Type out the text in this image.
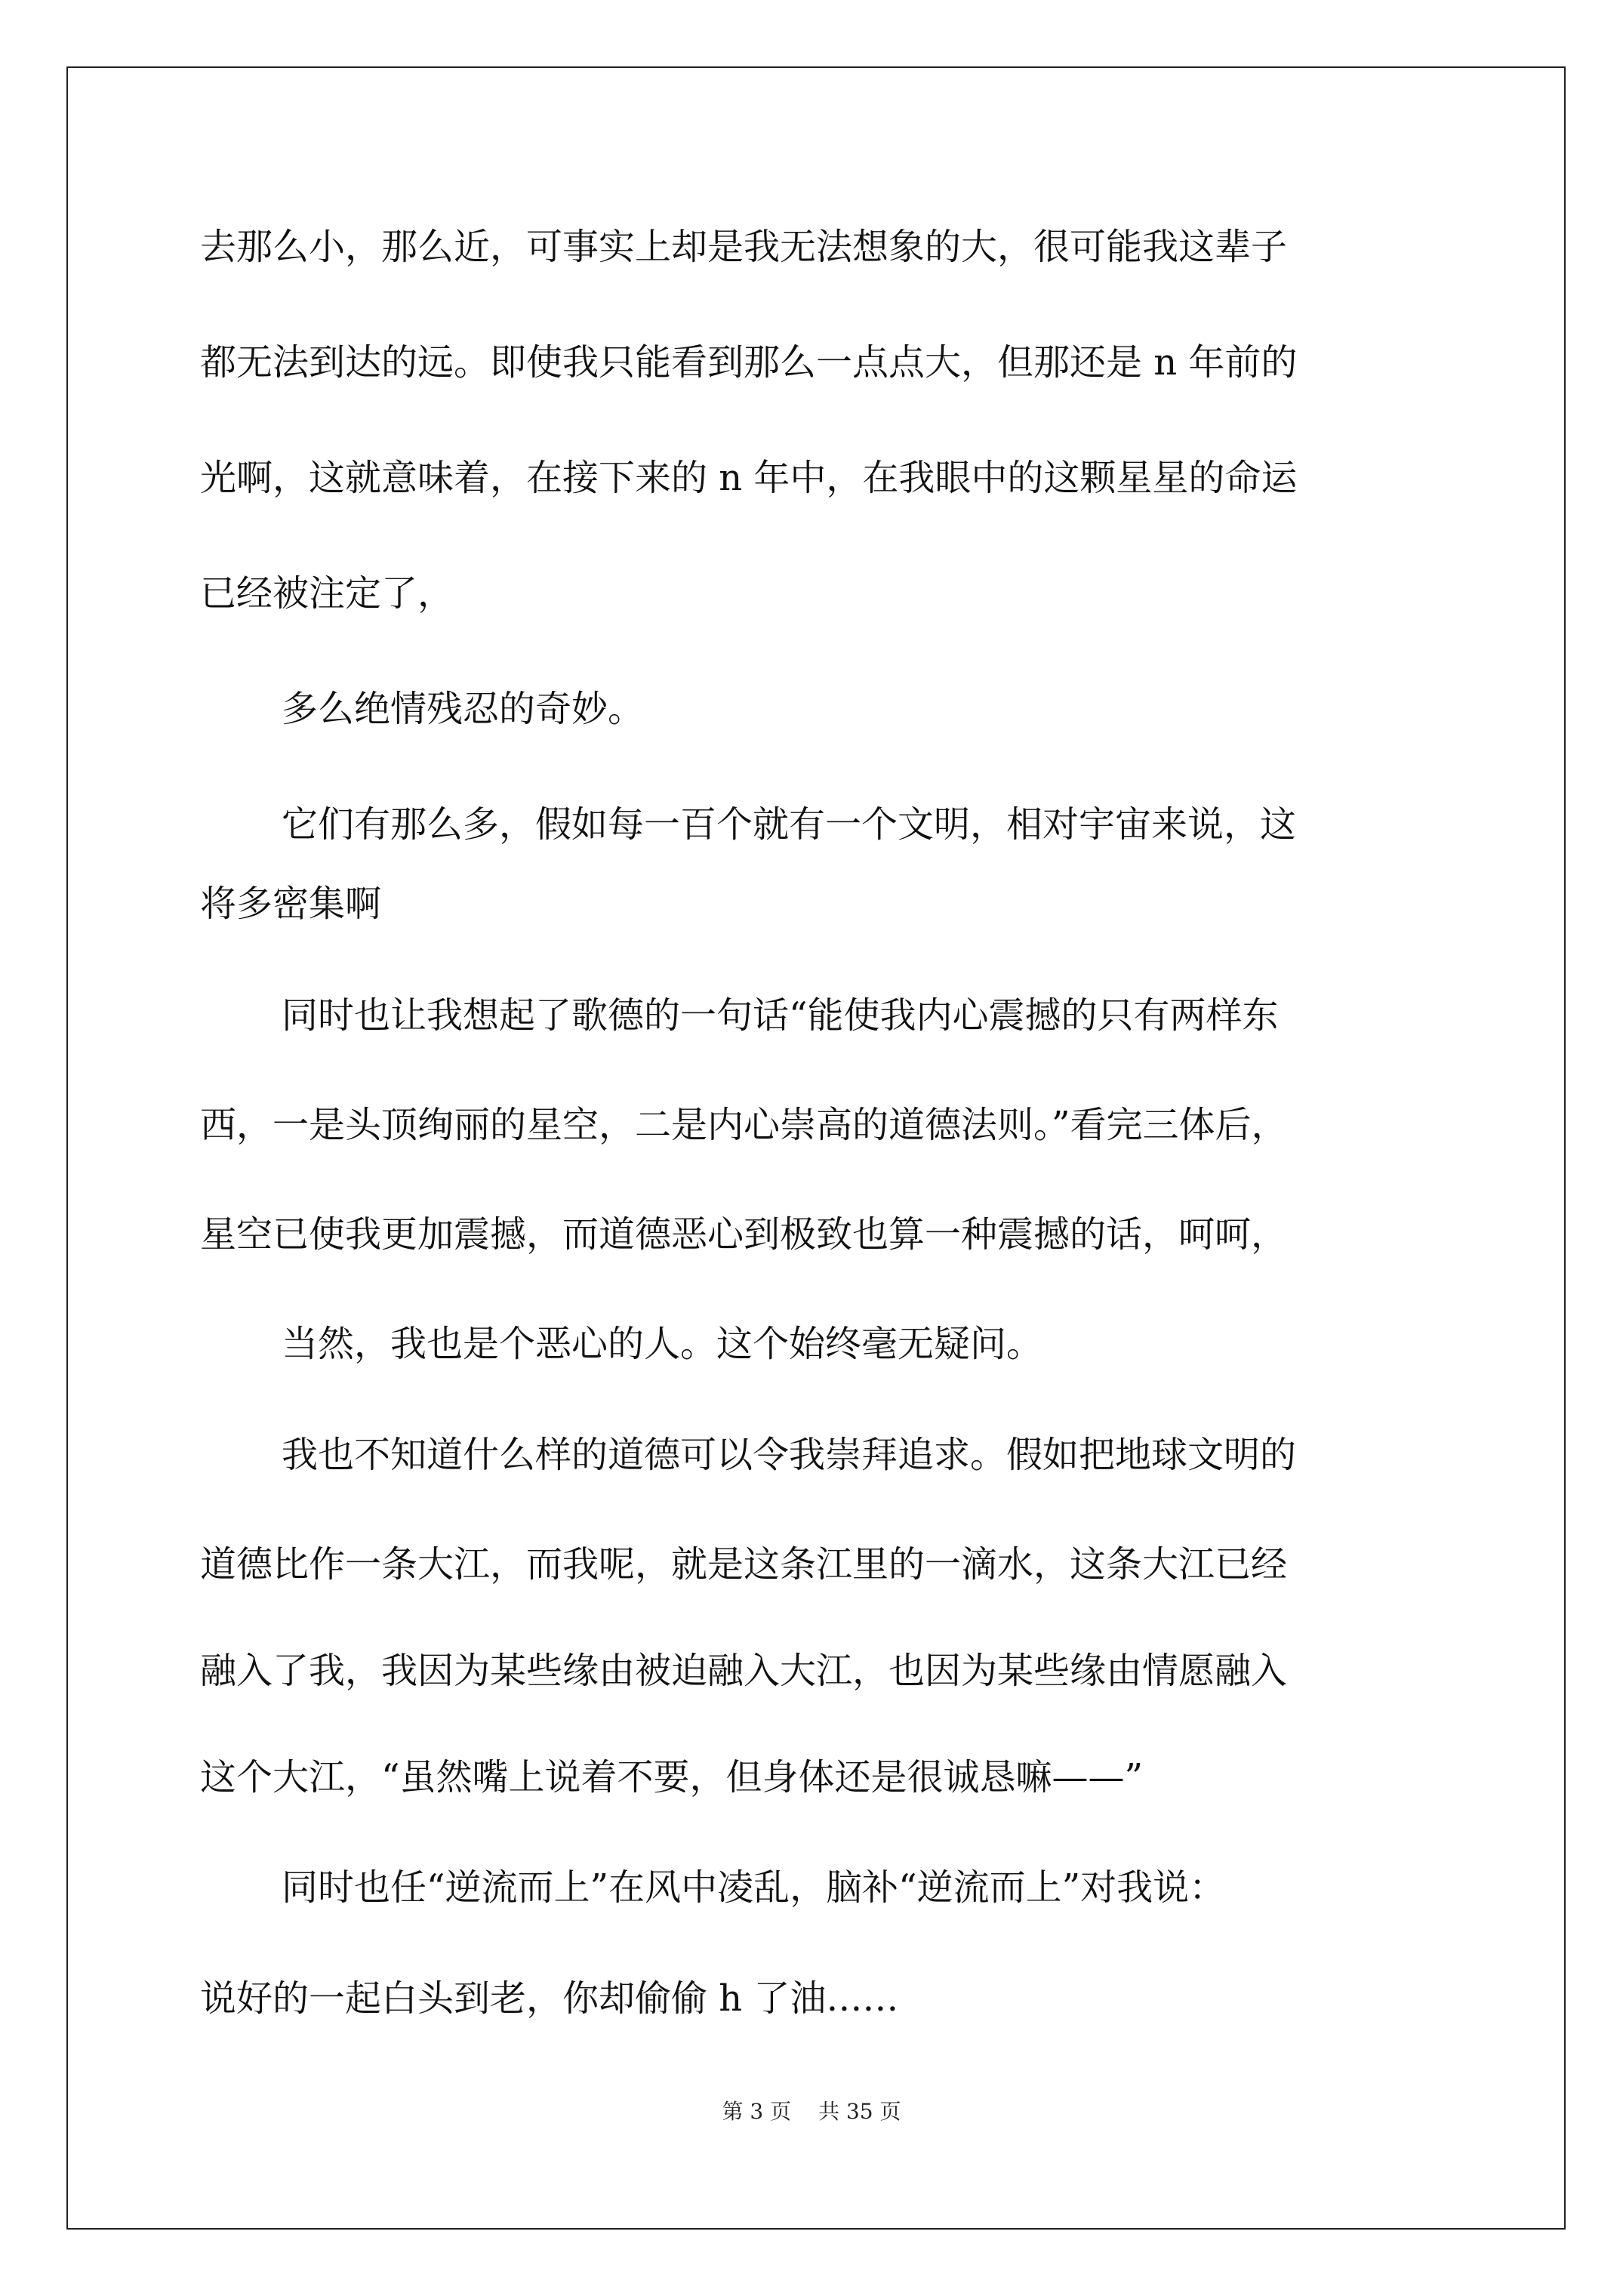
去那么小，那么近，可事实上却是我无法想象的大，很可能我这辈子
都无法到达的远。即使我只能看到那么一点点大，但那还是 n 年前的
光啊，这就意味着，在接下来的 n 年中，在我眼中的这颗星星的命运
已经被注定了，
多么绝情残忍的奇妙。
它们有那么多，假如每一百个就有一个文明，相对宇宙来说，这
将多密集啊
同时也让我想起了歌德的一句话“能使我内心震撼的只有两样东
西，一是头顶绚丽的星空，二是内心崇高的道德法则。”看完三体后，
星空已使我更加震撼，而道德恶心到极致也算一种震撼的话，呵呵，
当然，我也是个恶心的人。这个始终毫无疑问。
我也不知道什么样的道德可以令我崇拜追求。假如把地球文明的
道德比作一条大江，而我呢，就是这条江里的一滴水，这条大江已经
融入了我，我因为某些缘由被迫融入大江，也因为某些缘由情愿融入
这个大江，“虽然嘴上说着不要，但身体还是很诚恳嘛——”
同时也任“逆流而上”在风中凌乱，脑补“逆流而上”对我说：
说好的一起白头到老，你却偷偷 h 了油……
第 3 页 共 35 页
